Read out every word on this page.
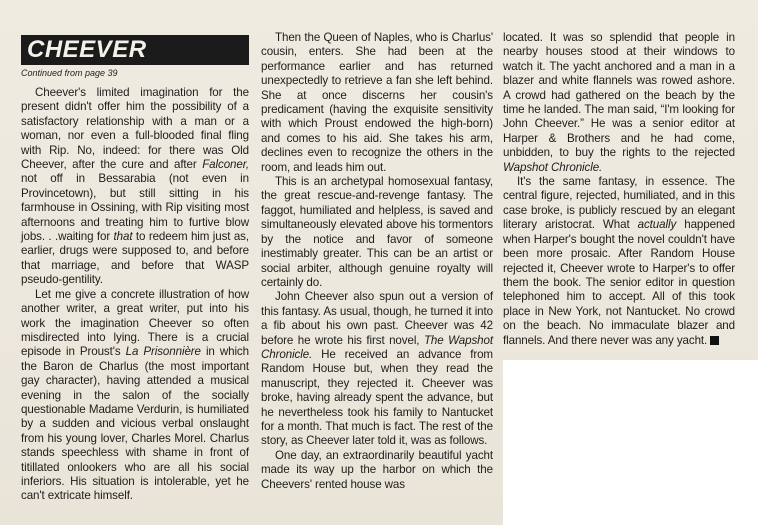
CHEEVER
Continued from page 39

Cheever's limited imagination for the present didn't offer him the possibility of a satisfactory relationship with a man or a woman, nor even a full-blooded final fling with Rip. No, indeed: for there was Old Cheever, after the cure and after Falconer, not off in Bessarabia (not even in Provincetown), but still sitting in his farmhouse in Ossining, with Rip visiting most afternoons and treating him to furtive blow jobs. . .waiting for that to redeem him just as, earlier, drugs were supposed to, and before that marriage, and before that WASP pseudo-gentility.

Let me give a concrete illustration of how another writer, a great writer, put into his work the imagination Cheever so often misdirected into lying. There is a crucial episode in Proust's La Prisonnière in which the Baron de Charlus (the most important gay character), having attended a musical evening in the salon of the socially questionable Madame Verdurin, is humiliated by a sudden and vicious verbal onslaught from his young lover, Charles Morel. Charlus stands speechless with shame in front of titillated onlookers who are all his social inferiors. His situation is intolerable, yet he can't extricate himself.

Then the Queen of Naples, who is Charlus' cousin, enters. She had been at the performance earlier and has returned unexpectedly to retrieve a fan she left behind. She at once discerns her cousin's predicament (having the exquisite sensitivity with which Proust endowed the high-born) and comes to his aid. She takes his arm, declines even to recognize the others in the room, and leads him out.

This is an archetypal homosexual fantasy, the great rescue-and-revenge fantasy. The faggot, humiliated and helpless, is saved and simultaneously elevated above his tormentors by the notice and favor of someone inestimably greater. This can be an artist or social arbiter, although genuine royalty will certainly do.

John Cheever also spun out a version of this fantasy. As usual, though, he turned it into a fib about his own past. Cheever was 42 before he wrote his first novel, The Wapshot Chronicle. He received an advance from Random House but, when they read the manuscript, they rejected it. Cheever was broke, having already spent the advance, but he nevertheless took his family to Nantucket for a month. That much is fact. The rest of the story, as Cheever later told it, was as follows.

One day, an extraordinarily beautiful yacht made its way up the harbor on which the Cheevers' rented house was

located. It was so splendid that people in nearby houses stood at their windows to watch it. The yacht anchored and a man in a blazer and white flannels was rowed ashore. A crowd had gathered on the beach by the time he landed. The man said, “I'm looking for John Cheever.” He was a senior editor at Harper & Brothers and he had come, unbidden, to buy the rights to the rejected Wapshot Chronicle.

It's the same fantasy, in essence. The central figure, rejected, humiliated, and in this case broke, is publicly rescued by an elegant literary aristocrat. What actually happened when Harper's bought the novel couldn't have been more prosaic. After Random House rejected it, Cheever wrote to Harper's to offer them the book. The senior editor in question telephoned him to accept. All of this took place in New York, not Nantucket. No crowd on the beach. No immaculate blazer and flannels. And there never was any yacht.
